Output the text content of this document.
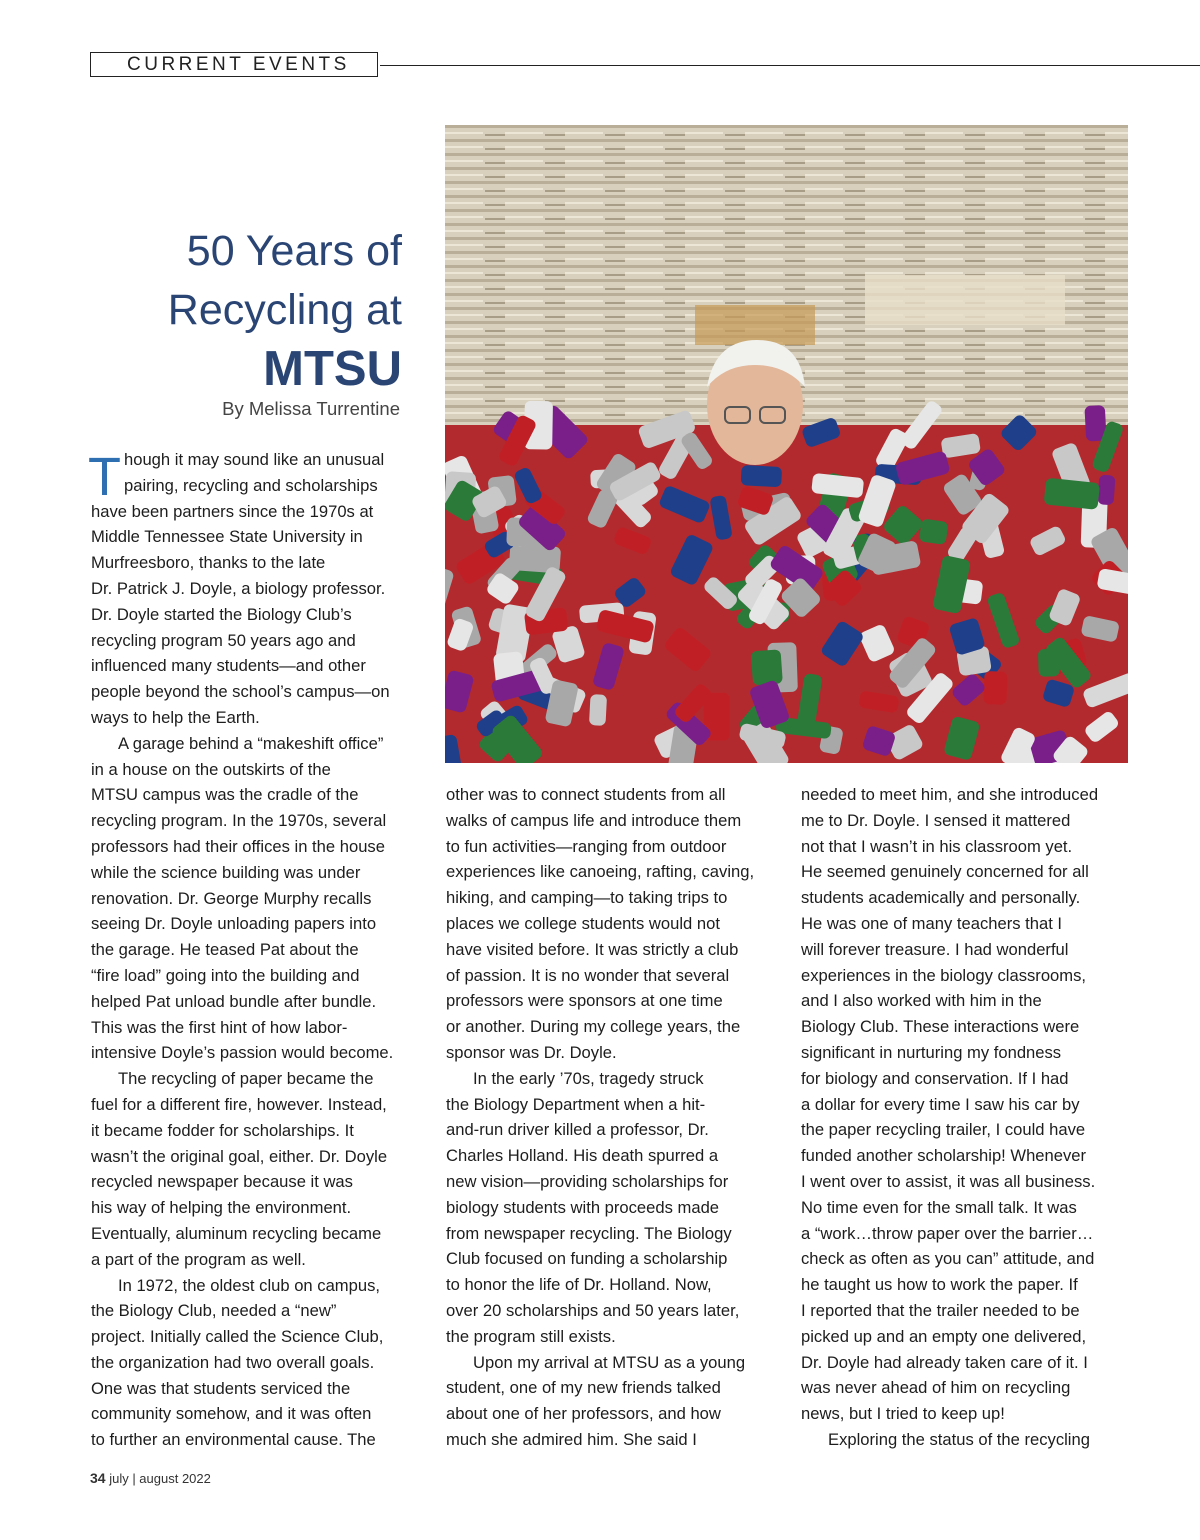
CURRENT EVENTS
50 Years of
Recycling at
MTSU
By Melissa Turrentine
T hough it may sound like an unusual
pairing, recycling and scholarships
have been partners since the 1970s at
Middle Tennessee State University in
Murfreesboro, thanks to the late
Dr. Patrick J. Doyle, a biology professor.
Dr. Doyle started the Biology Club’s
recycling program 50 years ago and
influenced many students—and other
people beyond the school’s campus—on
ways to help the Earth.
A garage behind a “makeshift office”
in a house on the outskirts of the
MTSU campus was the cradle of the
recycling program. In the 1970s, several
professors had their offices in the house
while the science building was under
renovation. Dr. George Murphy recalls
seeing Dr. Doyle unloading papers into
the garage. He teased Pat about the
“fire load” going into the building and
helped Pat unload bundle after bundle.
This was the first hint of how labor-
intensive Doyle’s passion would become.
The recycling of paper became the
fuel for a different fire, however. Instead,
it became fodder for scholarships. It
wasn’t the original goal, either. Dr. Doyle
recycled newspaper because it was
his way of helping the environment.
Eventually, aluminum recycling became
a part of the program as well.
In 1972, the oldest club on campus,
the Biology Club, needed a “new”
project. Initially called the Science Club,
the organization had two overall goals.
One was that students serviced the
community somehow, and it was often
to further an environmental cause. The
other was to connect students from all
walks of campus life and introduce them
to fun activities—ranging from outdoor
experiences like canoeing, rafting, caving,
hiking, and camping—to taking trips to
places we college students would not
have visited before. It was strictly a club
of passion. It is no wonder that several
professors were sponsors at one time
or another. During my college years, the
sponsor was Dr. Doyle.
In the early ’70s, tragedy struck
the Biology Department when a hit-
and-run driver killed a professor, Dr.
Charles Holland. His death spurred a
new vision—providing scholarships for
biology students with proceeds made
from newspaper recycling. The Biology
Club focused on funding a scholarship
to honor the life of Dr. Holland. Now,
over 20 scholarships and 50 years later,
the program still exists.
Upon my arrival at MTSU as a young
student, one of my new friends talked
about one of her professors, and how
much she admired him. She said I
needed to meet him, and she introduced
me to Dr. Doyle. I sensed it mattered
not that I wasn’t in his classroom yet.
He seemed genuinely concerned for all
students academically and personally.
He was one of many teachers that I
will forever treasure. I had wonderful
experiences in the biology classrooms,
and I also worked with him in the
Biology Club. These interactions were
significant in nurturing my fondness
for biology and conservation. If I had
a dollar for every time I saw his car by
the paper recycling trailer, I could have
funded another scholarship! Whenever
I went over to assist, it was all business.
No time even for the small talk. It was
a “work…throw paper over the barrier…
check as often as you can” attitude, and
he taught us how to work the paper. If
I reported that the trailer needed to be
picked up and an empty one delivered,
Dr. Doyle had already taken care of it. I
was never ahead of him on recycling
news, but I tried to keep up!
Exploring the status of the recycling
34 july | august 2022
